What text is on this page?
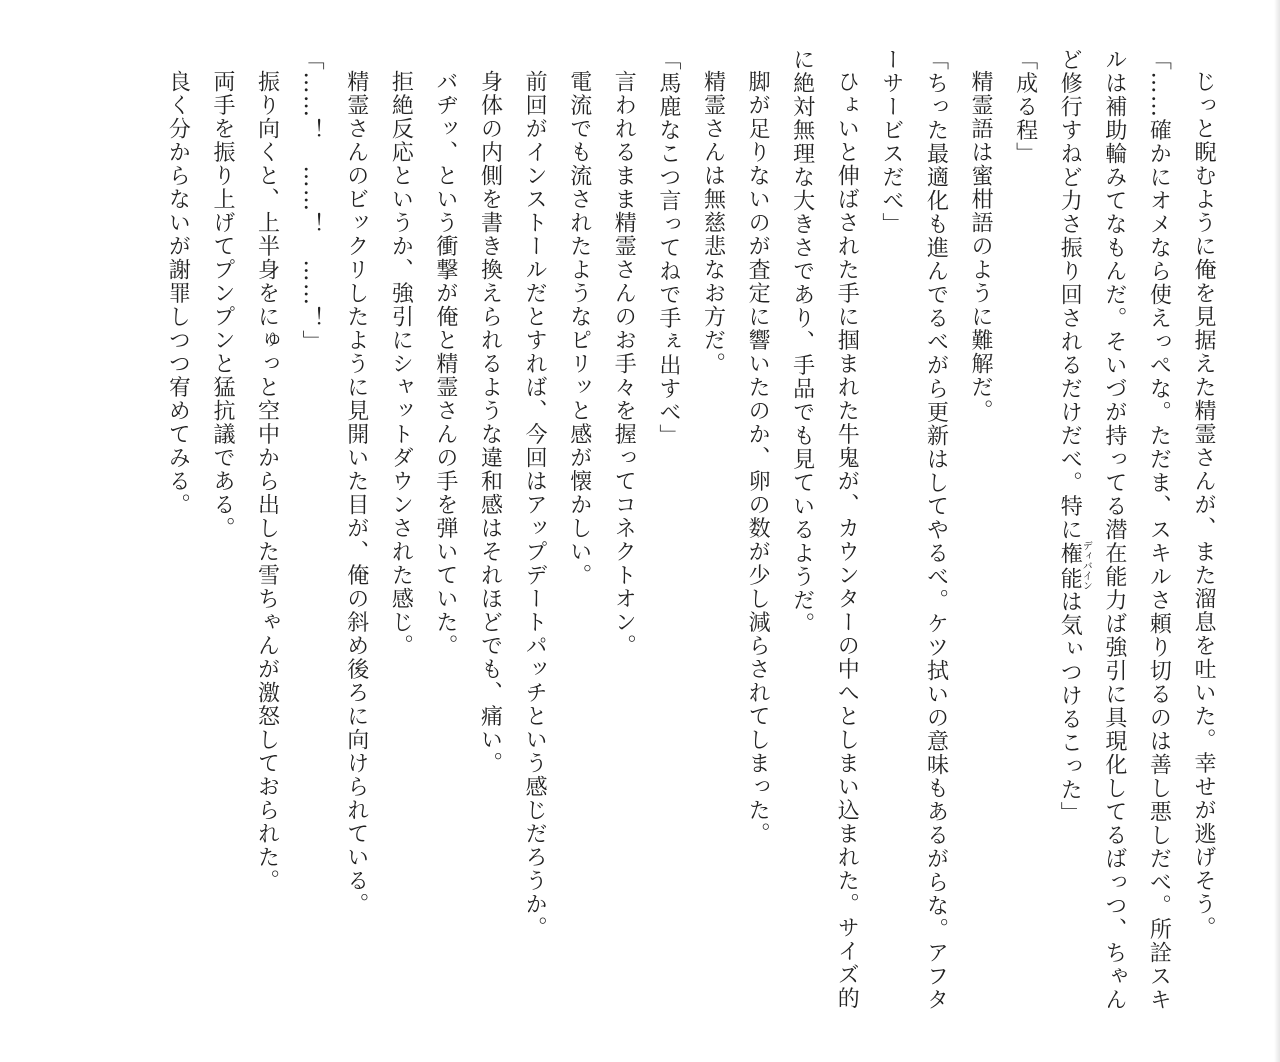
じっと睨むように俺を見据えた精霊さんが、また溜息を吐いた。幸せが逃げそう。

「……確かにオメなら使えっぺな。ただま、スキルさ頼り切るのは善し悪しだべ。所詮スキルは補助輪みてなもんだ。そいづが持ってる潜在能力ば強引に具現化してるばっつ、ちゃんど修行すねど力さ振り回されるだけだべ。特に権能ディバインは気ぃつけるこった」

「成る程」

精霊語は蜜柑語のように難解だ。

「ちった最適化も進んでるべがら更新はしてやるべ。ケツ拭いの意味もあるがらな。アフターサービスだべ」

ひょいと伸ばされた手に掴まれた牛鬼が、カウンターの中へとしまい込まれた。サイズ的に絶対無理な大きさであり、手品でも見ているようだ。

脚が足りないのが査定に響いたのか、卵の数が少し減らされてしまった。

精霊さんは無慈悲なお方だ。

「馬鹿なこつ言ってねで手ぇ出すべ」

言われるまま精霊さんのお手々を握ってコネクトオン。

電流でも流されたようなピリッと感が懐かしい。

前回がインストールだとすれば、今回はアップデートパッチという感じだろうか。

身体の内側を書き換えられるような違和感はそれほどでも、痛い。

バヂッ、という衝撃が俺と精霊さんの手を弾いていた。

拒絶反応というか、強引にシャットダウンされた感じ。

精霊さんのビックリしたように見開いた目が、俺の斜め後ろに向けられている。

「……！　……！　……！」

振り向くと、上半身をにゅっと空中から出した雪ちゃんが激怒しておられた。

両手を振り上げてプンプンと猛抗議である。

良く分からないが謝罪しつつ宥めてみる。
